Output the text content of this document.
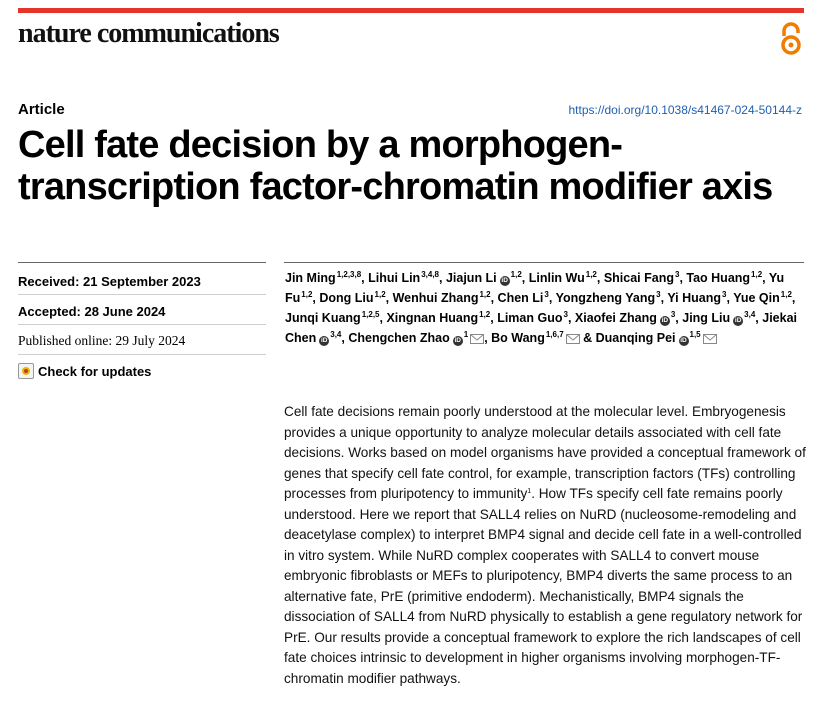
nature communications
Article	https://doi.org/10.1038/s41467-024-50144-z
Cell fate decision by a morphogen-
transcription factor-chromatin modifier axis
Received: 21 September 2023
Accepted: 28 June 2024
Published online: 29 July 2024
Check for updates
Jin Ming$^{1,2,3,8}$, Lihui Lin$^{3,4,8}$, Jiajun Li iD$^{1,2}$, Linlin Wu$^{1,2}$, Shicai Fang$^3$, Tao Huang$^{1,2}$, Yu Fu$^{1,2}$, Dong Liu$^{1,2}$, Wenhui Zhang$^{1,2}$, Chen Li$^3$, Yongzheng Yang$^3$, Yi Huang$^3$, Yue Qin$^{1,2}$, Junqi Kuang$^{1,2,5}$, Xingnan Huang$^{1,2}$, Liman Guo$^3$, Xiaofei Zhang $iD^3$, Jing Liu iD$^{3,4}$, Jiekai Chen iD$^{3,4}$, Chengchen Zhao $iD^1$ , Bo Wang$^{1,6,7}$ & Duanqing Pei iD$^{1,5}$

Cell fate decisions remain poorly understood at the molecular level. Embryogenesis provides a unique opportunity to analyze molecular details associated with cell fate decisions. Works based on model organisms have provided a conceptual framework of genes that specify cell fate control, for example, transcription factors (TFs) controlling processes from pluripotency to immunity$^1$. How TFs specify cell fate remains poorly understood. Here we report that SALL4 relies on NuRD (nucleosome-remodeling and deacetylase complex) to interpret BMP4 signal and decide cell fate in a well-controlled in vitro system. While NuRD complex cooperates with SALL4 to convert mouse embryonic fibroblasts or MEFs to pluripotency, BMP4 diverts the same process to an alternative fate, PrE (primitive endoderm). Mechanistically, BMP4 signals the dissociation of SALL4 from NuRD physically to establish a gene regulatory network for PrE. Our results provide a conceptual framework to explore the rich landscapes of cell fate choices intrinsic to development in higher organisms involving morphogen-TF-chromatin modifier pathways.
